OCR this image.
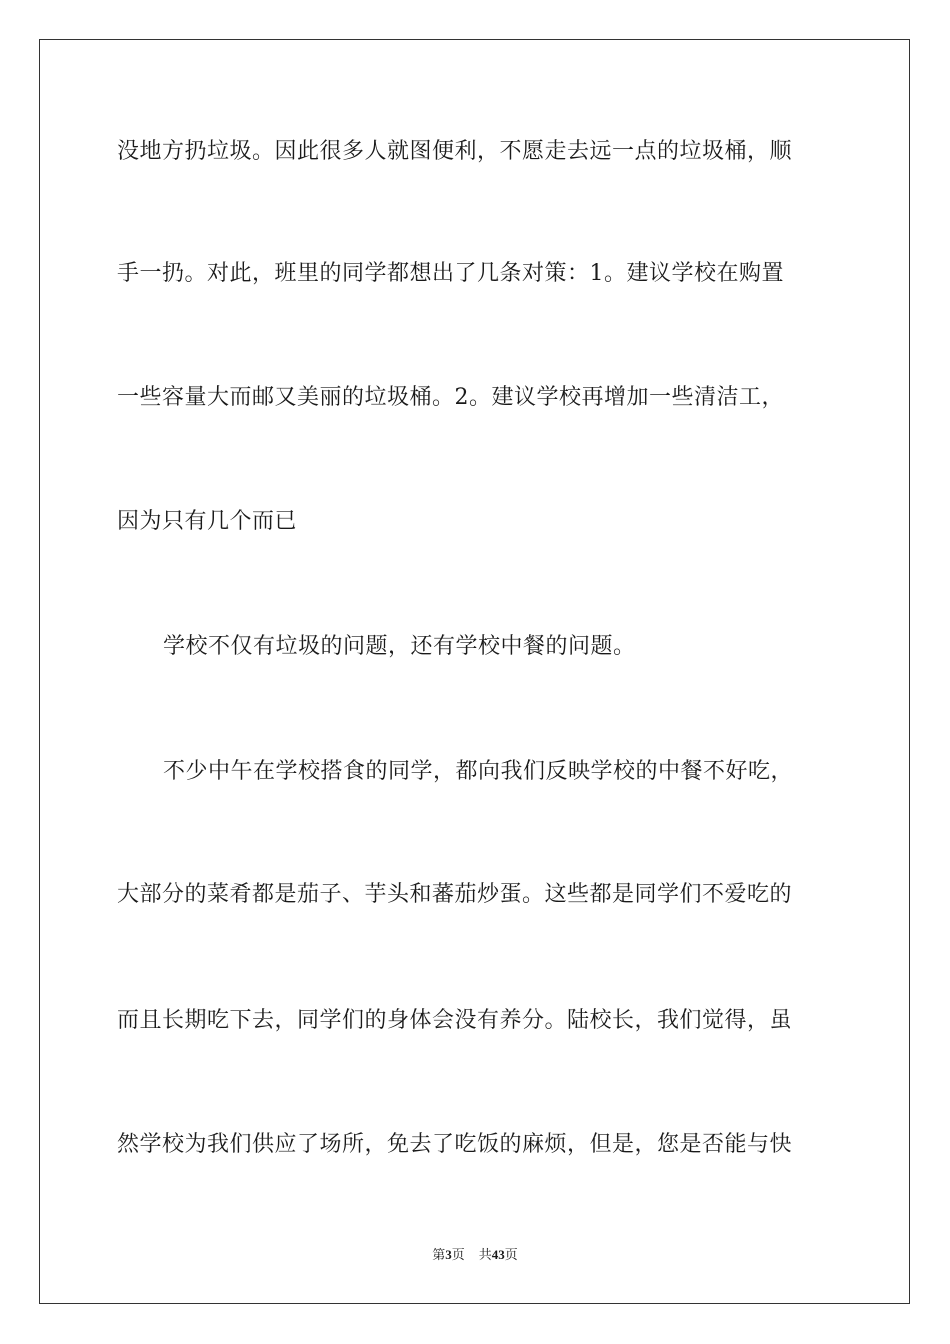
没地方扔垃圾。因此很多人就图便利，不愿走去远一点的垃圾桶，顺
手一扔。对此，班里的同学都想出了几条对策：1。建议学校在购置
一些容量大而邮又美丽的垃圾桶。2。建议学校再增加一些清洁工，
因为只有几个而已
学校不仅有垃圾的问题，还有学校中餐的问题。
不少中午在学校搭食的同学，都向我们反映学校的中餐不好吃，
大部分的菜肴都是茄子、芋头和蕃茄炒蛋。这些都是同学们不爱吃的
而且长期吃下去，同学们的身体会没有养分。陆校长，我们觉得，虽
然学校为我们供应了场所，免去了吃饭的麻烦，但是，您是否能与快
第3页 共43页
